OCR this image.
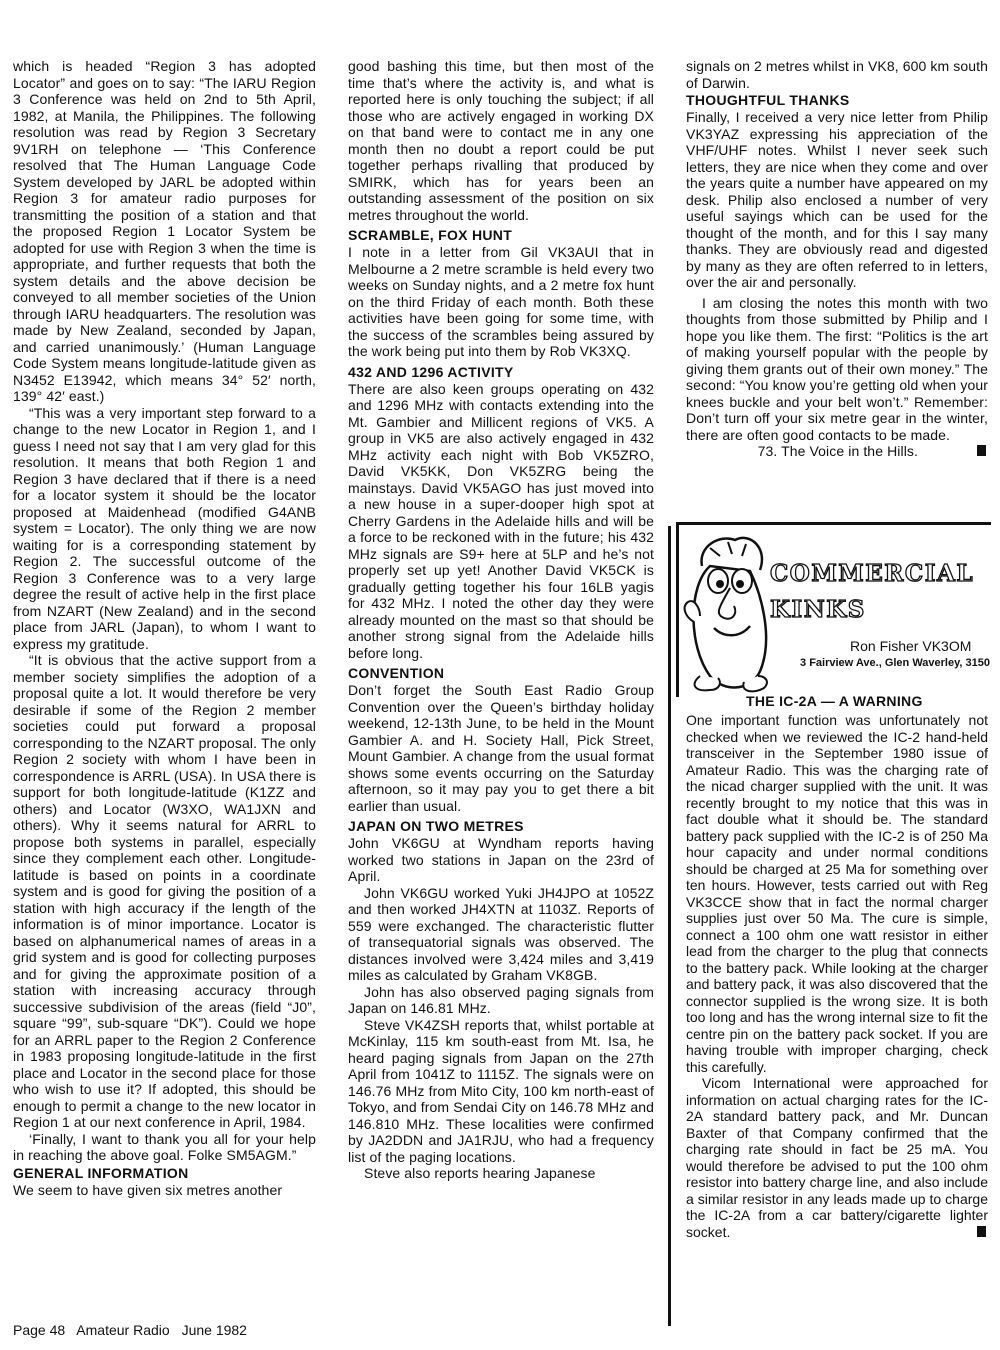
which is headed “Region 3 has adopted Locator” and goes on to say: “The IARU Region 3 Conference was held on 2nd to 5th April, 1982, at Manila, the Philippines. The following resolution was read by Region 3 Secretary 9V1RH on telephone — ‘This Conference resolved that The Human Language Code System developed by JARL be adopted within Region 3 for amateur radio purposes for transmitting the position of a station and that the proposed Region 1 Locator System be adopted for use with Region 3 when the time is appropriate, and further requests that both the system details and the above decision be conveyed to all member societies of the Union through IARU headquarters. The resolution was made by New Zealand, seconded by Japan, and carried unanimously.’ (Human Language Code System means longitude-latitude given as N3452 E13942, which means 34° 52′ north, 139° 42′ east.)

“This was a very important step forward to a change to the new Locator in Region 1, and I guess I need not say that I am very glad for this resolution. It means that both Region 1 and Region 3 have declared that if there is a need for a locator system it should be the locator proposed at Maidenhead (modified G4ANB system = Locator). The only thing we are now waiting for is a corresponding statement by Region 2. The successful outcome of the Region 3 Conference was to a very large degree the result of active help in the first place from NZART (New Zealand) and in the second place from JARL (Japan), to whom I want to express my gratitude.

“It is obvious that the active support from a member society simplifies the adoption of a proposal quite a lot. It would therefore be very desirable if some of the Region 2 member societies could put forward a proposal corresponding to the NZART proposal. The only Region 2 society with whom I have been in correspondence is ARRL (USA). In USA there is support for both longitude-latitude (K1ZZ and others) and Locator (W3XO, WA1JXN and others). Why it seems natural for ARRL to propose both systems in parallel, especially since they complement each other. Longitude-latitude is based on points in a coordinate system and is good for giving the position of a station with high accuracy if the length of the information is of minor importance. Locator is based on alphanumerical names of areas in a grid system and is good for collecting purposes and for giving the approximate position of a station with increasing accuracy through successive subdivision of the areas (field “J0”, square “99”, sub-square “DK”). Could we hope for an ARRL paper to the Region 2 Conference in 1983 proposing longitude-latitude in the first place and Locator in the second place for those who wish to use it? If adopted, this should be enough to permit a change to the new locator in Region 1 at our next conference in April, 1984.

‘Finally, I want to thank you all for your help in reaching the above goal. Folke SM5AGM.”

GENERAL INFORMATION

We seem to have given six metres another

good bashing this time, but then most of the time that’s where the activity is, and what is reported here is only touching the subject; if all those who are actively engaged in working DX on that band were to contact me in any one month then no doubt a report could be put together perhaps rivalling that produced by SMIRK, which has for years been an outstanding assessment of the position on six metres throughout the world.

SCRAMBLE, FOX HUNT

I note in a letter from Gil VK3AUI that in Melbourne a 2 metre scramble is held every two weeks on Sunday nights, and a 2 metre fox hunt on the third Friday of each month. Both these activities have been going for some time, with the success of the scrambles being assured by the work being put into them by Rob VK3XQ.

432 AND 1296 ACTIVITY

There are also keen groups operating on 432 and 1296 MHz with contacts extending into the Mt. Gambier and Millicent regions of VK5. A group in VK5 are also actively engaged in 432 MHz activity each night with Bob VK5ZRO, David VK5KK, Don VK5ZRG being the mainstays. David VK5AGO has just moved into a new house in a super-dooper high spot at Cherry Gardens in the Adelaide hills and will be a force to be reckoned with in the future; his 432 MHz signals are S9+ here at 5LP and he’s not properly set up yet! Another David VK5CK is gradually getting together his four 16LB yagis for 432 MHz. I noted the other day they were already mounted on the mast so that should be another strong signal from the Adelaide hills before long.

CONVENTION

Don’t forget the South East Radio Group Convention over the Queen’s birthday holiday weekend, 12-13th June, to be held in the Mount Gambier A. and H. Society Hall, Pick Street, Mount Gambier. A change from the usual format shows some events occurring on the Saturday afternoon, so it may pay you to get there a bit earlier than usual.

JAPAN ON TWO METRES

John VK6GU at Wyndham reports having worked two stations in Japan on the 23rd of April.

John VK6GU worked Yuki JH4JPO at 1052Z and then worked JH4XTN at 1103Z. Reports of 559 were exchanged. The characteristic flutter of transequatorial signals was observed. The distances involved were 3,424 miles and 3,419 miles as calculated by Graham VK8GB.

John has also observed paging signals from Japan on 146.81 MHz.

Steve VK4ZSH reports that, whilst portable at McKinlay, 115 km south-east from Mt. Isa, he heard paging signals from Japan on the 27th April from 1041Z to 1115Z. The signals were on 146.76 MHz from Mito City, 100 km north-east of Tokyo, and from Sendai City on 146.78 MHz and 146.810 MHz. These localities were confirmed by JA2DDN and JA1RJU, who had a frequency list of the paging locations.

Steve also reports hearing Japanese

signals on 2 metres whilst in VK8, 600 km south of Darwin.

THOUGHTFUL THANKS

Finally, I received a very nice letter from Philip VK3YAZ expressing his appreciation of the VHF/UHF notes. Whilst I never seek such letters, they are nice when they come and over the years quite a number have appeared on my desk. Philip also enclosed a number of very useful sayings which can be used for the thought of the month, and for this I say many thanks. They are obviously read and digested by many as they are often referred to in letters, over the air and personally.

I am closing the notes this month with two thoughts from those submitted by Philip and I hope you like them. The first: “Politics is the art of making yourself popular with the people by giving them grants out of their own money.” The second: “You know you’re getting old when your knees buckle and your belt won’t.” Remember: Don’t turn off your six metre gear in the winter, there are often good contacts to be made.

73. The Voice in the Hills.

COMMERCIAL
KINKS
Ron Fisher VK3OM
3 Fairview Ave., Glen Waverley, 3150
THE IC-2A — A WARNING

One important function was unfortunately not checked when we reviewed the IC-2 hand-held transceiver in the September 1980 issue of Amateur Radio. This was the charging rate of the nicad charger supplied with the unit. It was recently brought to my notice that this was in fact double what it should be. The standard battery pack supplied with the IC-2 is of 250 Ma hour capacity and under normal conditions should be charged at 25 Ma for something over ten hours. However, tests carried out with Reg VK3CCE show that in fact the normal charger supplies just over 50 Ma. The cure is simple, connect a 100 ohm one watt resistor in either lead from the charger to the plug that connects to the battery pack. While looking at the charger and battery pack, it was also discovered that the connector supplied is the wrong size. It is both too long and has the wrong internal size to fit the centre pin on the battery pack socket. If you are having trouble with improper charging, check this carefully.

Vicom International were approached for information on actual charging rates for the IC-2A standard battery pack, and Mr. Duncan Baxter of that Company confirmed that the charging rate should in fact be 25 mA. You would therefore be advised to put the 100 ohm resistor into battery charge line, and also include a similar resistor in any leads made up to charge the IC-2A from a car battery/cigarette lighter socket.

Page 48 Amateur Radio June 1982
